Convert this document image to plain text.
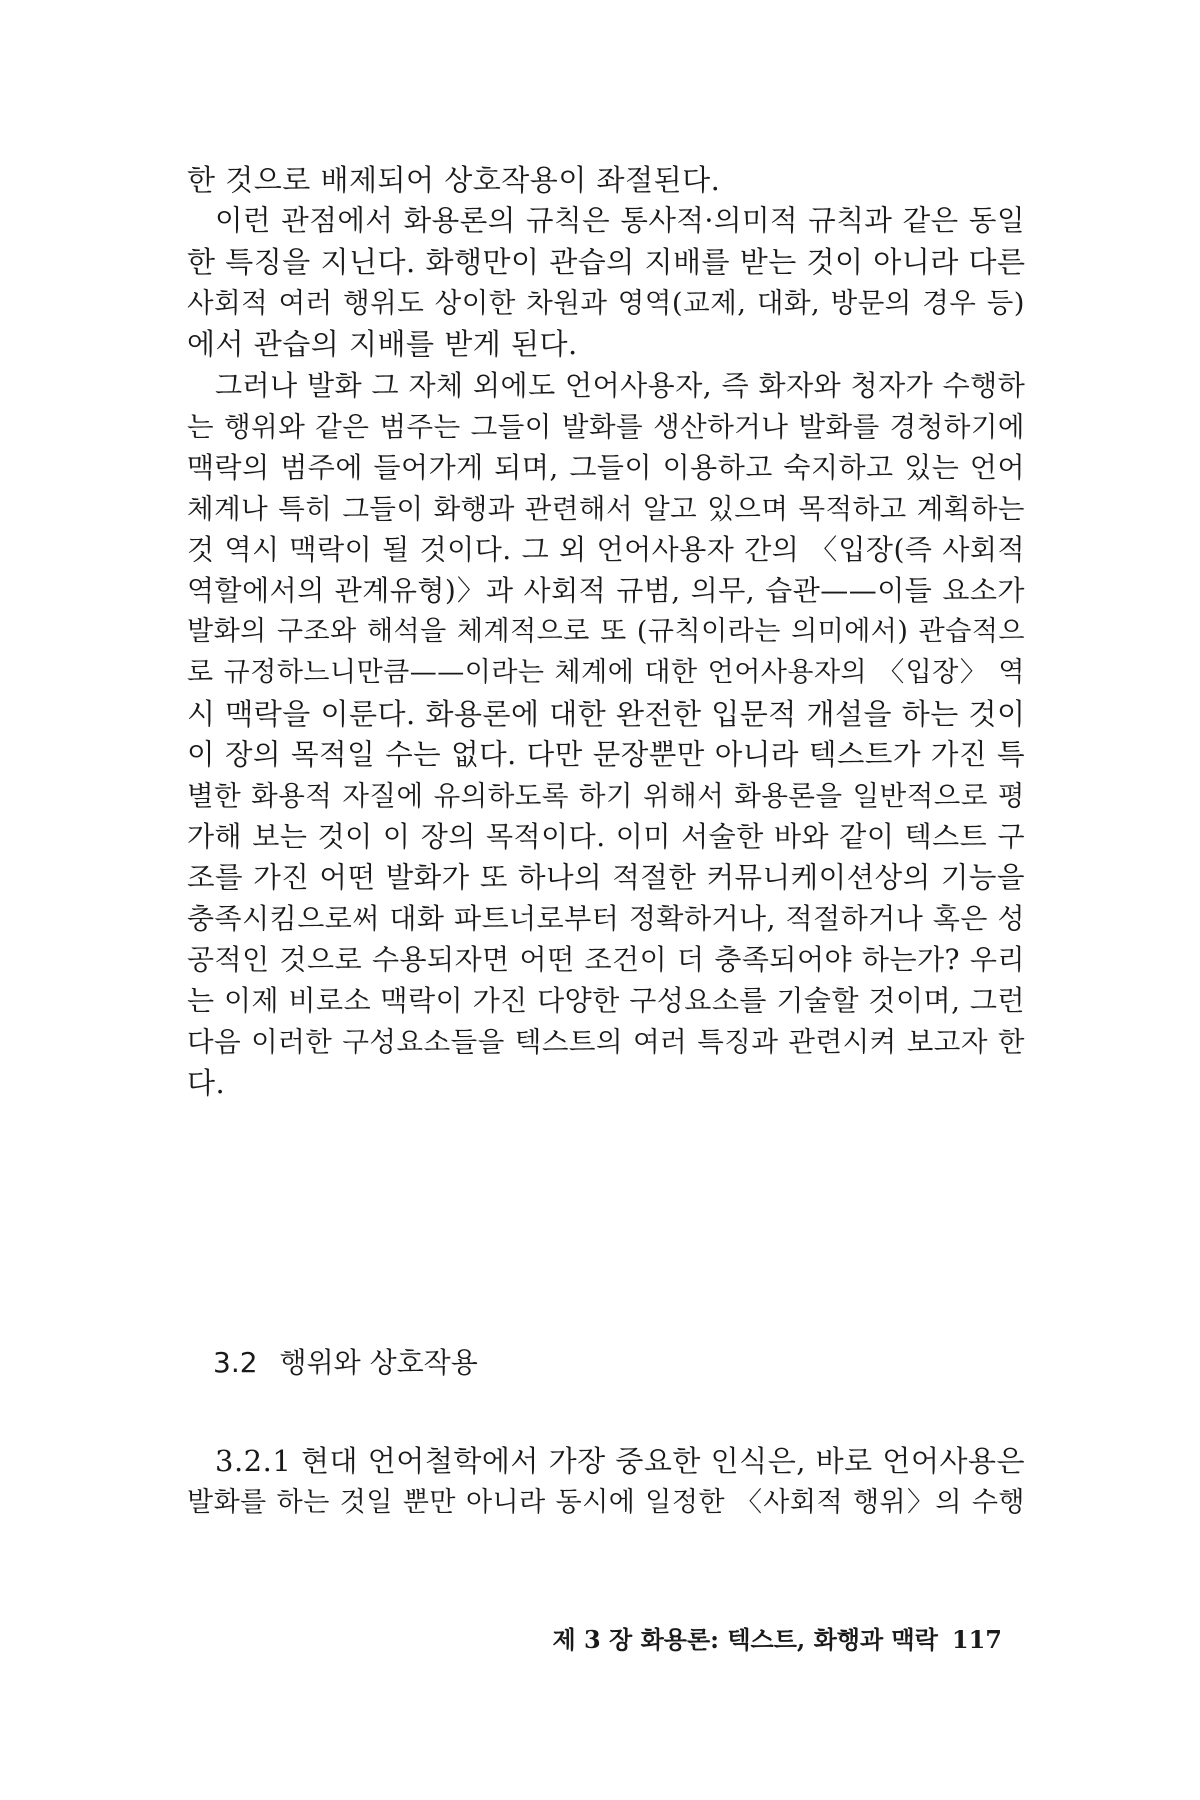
한 것으로 배제되어 상호작용이 좌절된다.
이런 관점에서 화용론의 규칙은 통사적·의미적 규칙과 같은 동일
한 특징을 지닌다. 화행만이 관습의 지배를 받는 것이 아니라 다른
사회적 여러 행위도 상이한 차원과 영역(교제, 대화, 방문의 경우 등)
에서 관습의 지배를 받게 된다.
그러나 발화 그 자체 외에도 언어사용자, 즉 화자와 청자가 수행하
는 행위와 같은 범주는 그들이 발화를 생산하거나 발화를 경청하기에
맥락의 범주에 들어가게 되며, 그들이 이용하고 숙지하고 있는 언어
체계나 특히 그들이 화행과 관련해서 알고 있으며 목적하고 계획하는
것 역시 맥락이 될 것이다. 그 외 언어사용자 간의 〈입장(즉 사회적
역할에서의 관계유형)〉과 사회적 규범, 의무, 습관——이들 요소가
발화의 구조와 해석을 체계적으로 또 (규칙이라는 의미에서) 관습적으
로 규정하느니만큼——이라는 체계에 대한 언어사용자의 〈입장〉 역
시 맥락을 이룬다. 화용론에 대한 완전한 입문적 개설을 하는 것이
이 장의 목적일 수는 없다. 다만 문장뿐만 아니라 텍스트가 가진 특
별한 화용적 자질에 유의하도록 하기 위해서 화용론을 일반적으로 평
가해 보는 것이 이 장의 목적이다. 이미 서술한 바와 같이 텍스트 구
조를 가진 어떤 발화가 또 하나의 적절한 커뮤니케이션상의 기능을
충족시킴으로써 대화 파트너로부터 정확하거나, 적절하거나 혹은 성
공적인 것으로 수용되자면 어떤 조건이 더 충족되어야 하는가? 우리
는 이제 비로소 맥락이 가진 다양한 구성요소를 기술할 것이며, 그런
다음 이러한 구성요소들을 텍스트의 여러 특징과 관련시켜 보고자 한
다.
3.2 행위와 상호작용
3.2.1 현대 언어철학에서 가장 중요한 인식은, 바로 언어사용은
발화를 하는 것일 뿐만 아니라 동시에 일정한 〈사회적 행위〉의 수행
제 3 장 화용론: 텍스트, 화행과 맥락 117
